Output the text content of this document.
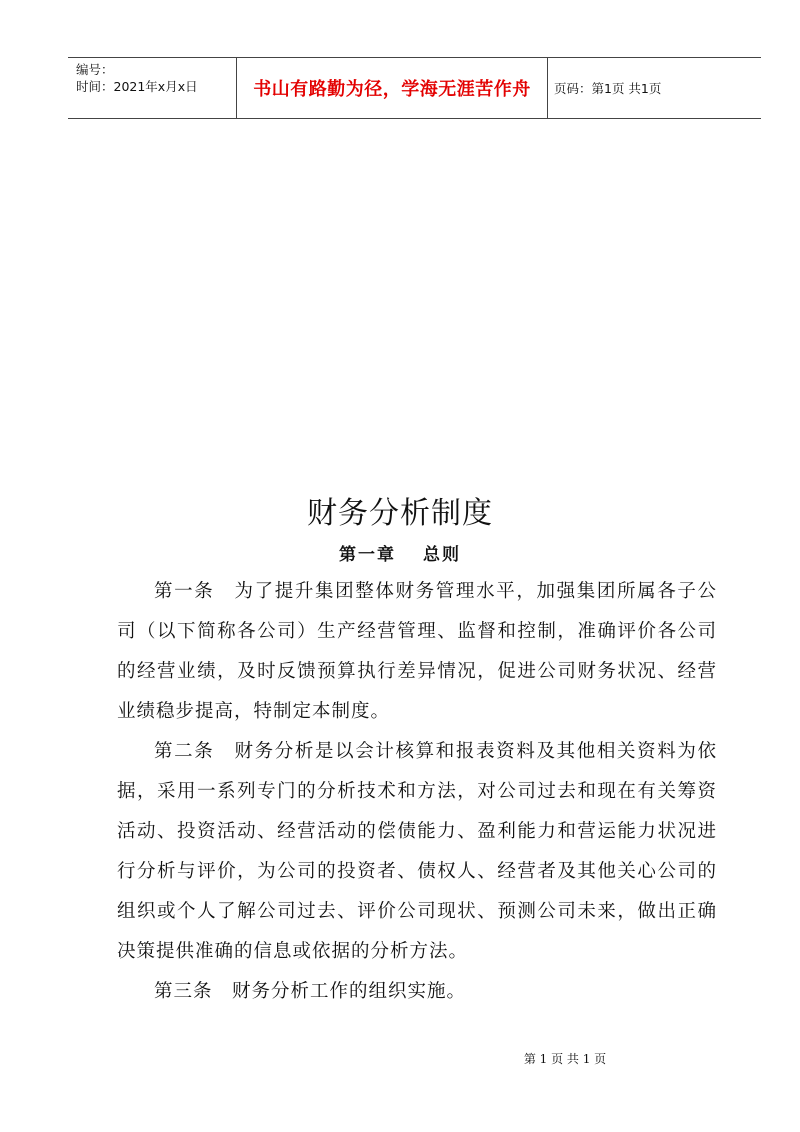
编号：
时间：2021年x月x日	书山有路勤为径，学海无涯苦作舟	页码：第1页 共1页
财务分析制度
第一章　 总则

第一条　为了提升集团整体财务管理水平，加强集团所属各子公司（以下简称各公司）生产经营管理、监督和控制，准确评价各公司的经营业绩，及时反馈预算执行差异情况，促进公司财务状况、经营业绩稳步提高，特制定本制度。

第二条　财务分析是以会计核算和报表资料及其他相关资料为依据，采用一系列专门的分析技术和方法，对公司过去和现在有关筹资活动、投资活动、经营活动的偿债能力、盈利能力和营运能力状况进行分析与评价，为公司的投资者、债权人、经营者及其他关心公司的组织或个人了解公司过去、评价公司现状、预测公司未来，做出正确决策提供准确的信息或依据的分析方法。

第三条　财务分析工作的组织实施。

第 1 页 共 1 页
